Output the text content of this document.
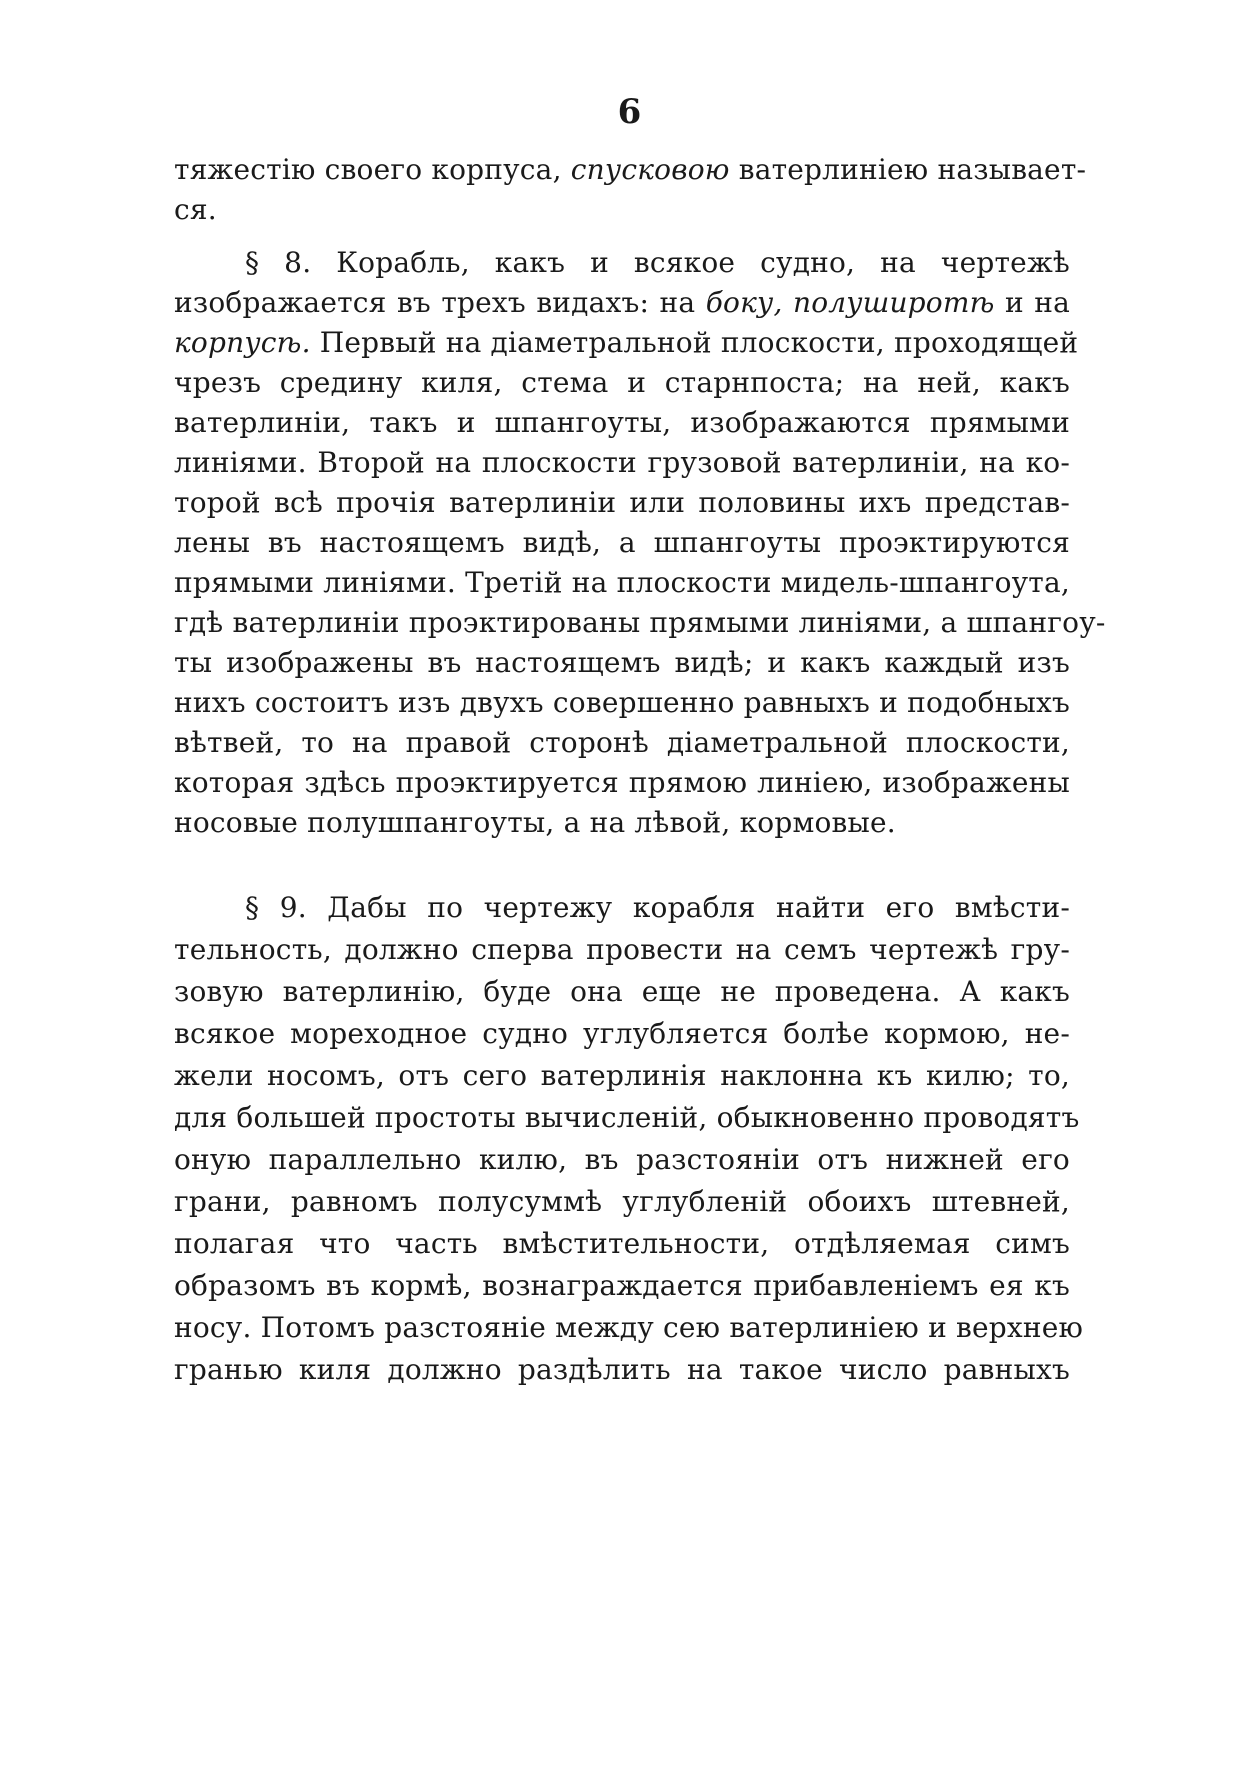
6
тяжестію своего корпуса, спусковою ватерлиніею называет-
ся.
§ 8. Корабль, какъ и всякое судно, на чертежѣ
изображается въ трехъ видахъ: на боку, полуширотѣ и на
корпусѣ. Первый на діаметральной плоскости, проходящей
чрезъ средину киля, стема и старнпоста; на ней, какъ
ватерлиніи, такъ и шпангоуты, изображаются прямыми
линіями. Второй на плоскости грузовой ватерлиніи, на ко-
торой всѣ прочія ватерлиніи или половины ихъ представ-
лены въ настоящемъ видѣ, а шпангоуты проэктируются
прямыми линіями. Третій на плоскости мидель-шпангоута,
гдѣ ватерлиніи проэктированы прямыми линіями, а шпангоу-
ты изображены въ настоящемъ видѣ; и какъ каждый изъ
нихъ состоитъ изъ двухъ совершенно равныхъ и подобныхъ
вѣтвей, то на правой сторонѣ діаметральной плоскости,
которая здѣсь проэктируется прямою линіею, изображены
носовые полушпангоуты, а на лѣвой, кормовые.
§ 9. Дабы по чертежу корабля найти его вмѣсти-
тельность, должно сперва провести на семъ чертежѣ гру-
зовую ватерлинію, буде она еще не проведена. А какъ
всякое мореходное судно углубляется болѣе кормою, не-
жели носомъ, отъ сего ватерлинія наклонна къ килю; то,
для большей простоты вычисленій, обыкновенно проводятъ
оную параллельно килю, въ разстояніи отъ нижней его
грани, равномъ полусуммѣ углубленій обоихъ штевней,
полагая что часть вмѣстительности, отдѣляемая симъ
образомъ въ кормѣ, вознаграждается прибавленіемъ ея къ
носу. Потомъ разстояніе между сею ватерлиніею и верхнею
гранью киля должно раздѣлить на такое число равныхъ
